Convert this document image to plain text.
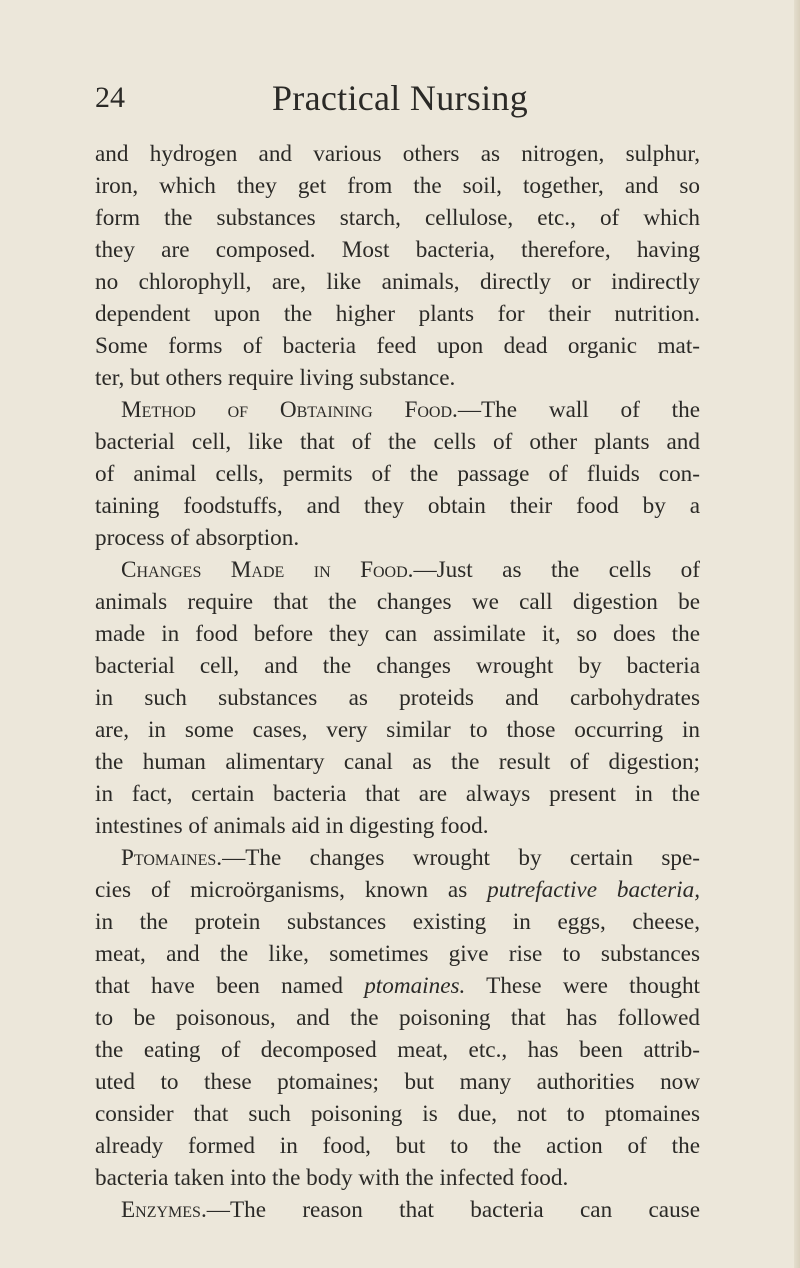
24	Practical Nursing
and hydrogen and various others as nitrogen, sulphur,
iron, which they get from the soil, together, and so
form the substances starch, cellulose, etc., of which
they are composed. Most bacteria, therefore, having
no chlorophyll, are, like animals, directly or indirectly
dependent upon the higher plants for their nutrition.
Some forms of bacteria feed upon dead organic mat-
ter, but others require living substance.
Method of Obtaining Food.—The wall of the
bacterial cell, like that of the cells of other plants and
of animal cells, permits of the passage of fluids con-
taining foodstuffs, and they obtain their food by a
process of absorption.
Changes Made in Food.—Just as the cells of
animals require that the changes we call digestion be
made in food before they can assimilate it, so does the
bacterial cell, and the changes wrought by bacteria
in such substances as proteids and carbohydrates
are, in some cases, very similar to those occurring in
the human alimentary canal as the result of digestion;
in fact, certain bacteria that are always present in the
intestines of animals aid in digesting food.
Ptomaines.—The changes wrought by certain spe-
cies of microörganisms, known as putrefactive bacteria,
in the protein substances existing in eggs, cheese,
meat, and the like, sometimes give rise to substances
that have been named ptomaines. These were thought
to be poisonous, and the poisoning that has followed
the eating of decomposed meat, etc., has been attrib-
uted to these ptomaines; but many authorities now
consider that such poisoning is due, not to ptomaines
already formed in food, but to the action of the
bacteria taken into the body with the infected food.
Enzymes.—The reason that bacteria can cause
